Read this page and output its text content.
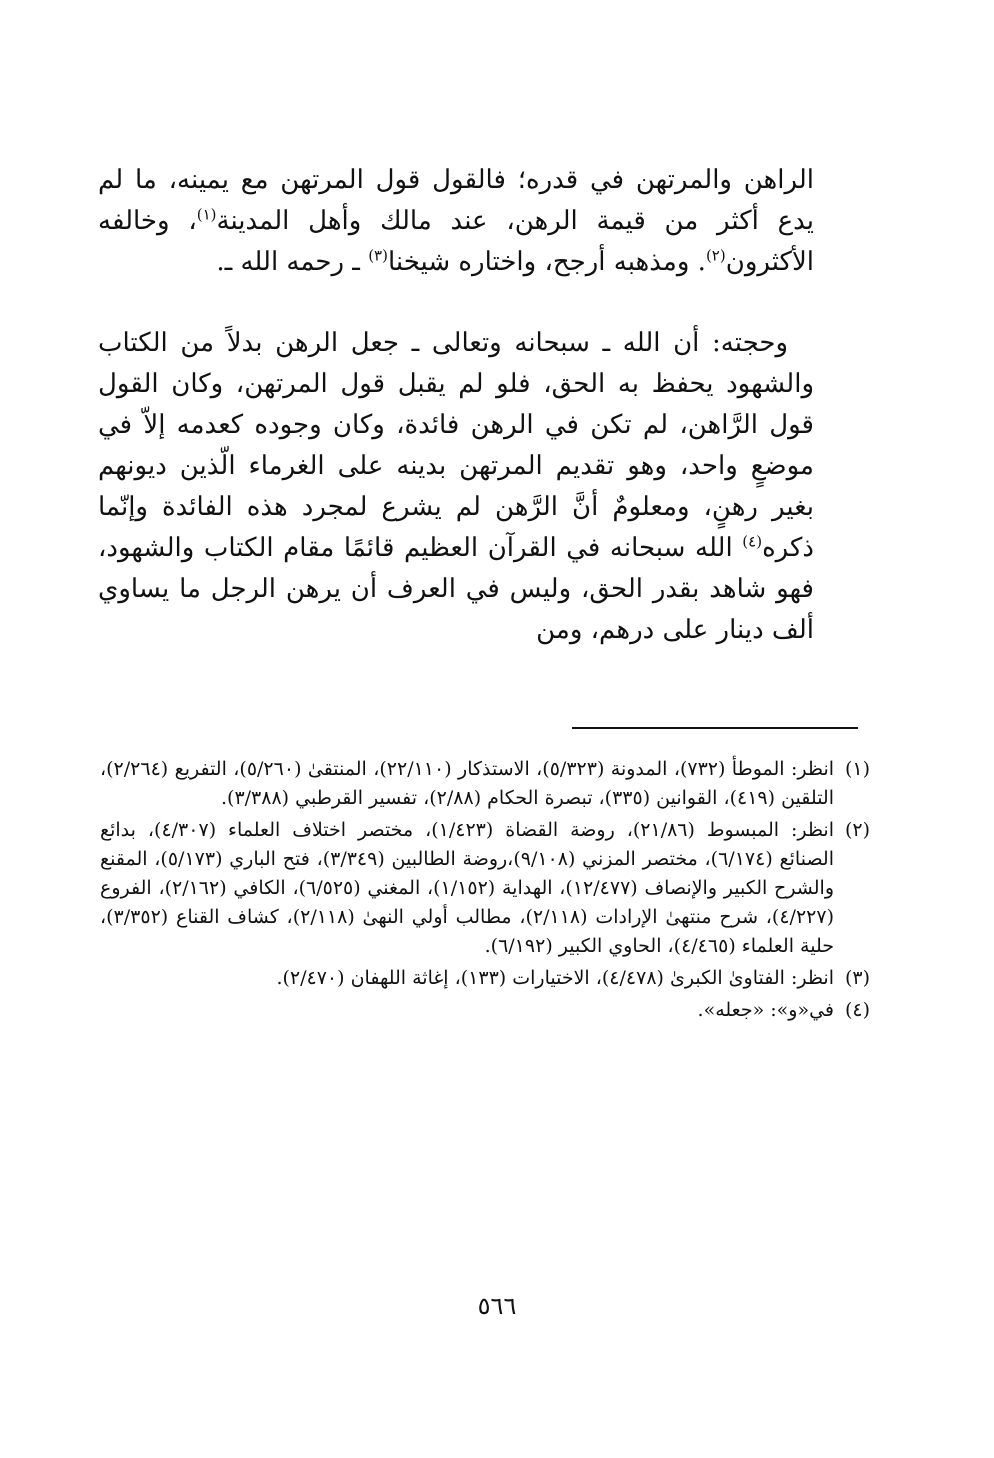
الراهن والمرتهن في قدره؛ فالقول قول المرتهن مع يمينه، ما لم يدع أكثر من قيمة الرهن، عند مالك وأهل المدينة$^{(١)}$، وخالفه الأكثرون$^{(٢)}$. ومذهبه أرجح، واختاره شيخنا$^{(٣)}$ ـ رحمه الله ـ.

وحجته: أن الله ـ سبحانه وتعالى ـ جعل الرهن بدلاً من الكتاب والشهود يحفظ به الحق، فلو لم يقبل قول المرتهن، وكان القول قول الرَّاهن، لم تكن في الرهن فائدة، وكان وجوده كعدمه إلاّ في موضعٍ واحد، وهو تقديم المرتهن بدينه على الغرماء الّذين ديونهم بغير رهنٍ، ومعلومٌ أنَّ الرَّهن لم يشرع لمجرد هذه الفائدة وإنّما ذكره$^{(٤)}$ الله سبحانه في القرآن العظيم قائمًا مقام الكتاب والشهود، فهو شاهد بقدر الحق، وليس في العرف أن يرهن الرجل ما يساوي ألف دينار على درهم، ومن

(١)
انظر: الموطأ (٧٣٢)، المدونة (٥/٣٢٣)، الاستذكار (٢٢/١١٠)، المنتقىٰ (٥/٢٦٠)، التفريع (٢/٢٦٤)، التلقين (٤١٩)، القوانين (٣٣٥)، تبصرة الحكام (٢/٨٨)، تفسير القرطبي (٣/٣٨٨).
(٢)
انظر: المبسوط (٢١/٨٦)، روضة القضاة (١/٤٢٣)، مختصر اختلاف العلماء (٤/٣٠٧)، بدائع الصنائع (٦/١٧٤)، مختصر المزني (٩/١٠٨)،روضة الطالبين (٣/٣٤٩)، فتح الباري (٥/١٧٣)، المقنع والشرح الكبير والإنصاف (١٢/٤٧٧)، الهداية (١/١٥٢)، المغني (٦/٥٢٥)، الكافي (٢/١٦٢)، الفروع (٤/٢٢٧)، شرح منتهىٰ الإرادات (٢/١١٨)، مطالب أولي النهىٰ (٢/١١٨)، كشاف القناع (٣/٣٥٢)، حلية العلماء (٤/٤٦٥)، الحاوي الكبير (٦/١٩٢).
(٣)
انظر: الفتاوىٰ الكبرىٰ (٤/٤٧٨)، الاختيارات (١٣٣)، إغاثة اللهفان (٢/٤٧٠).
(٤)
في«و»: «جعله».
٥٦٦
